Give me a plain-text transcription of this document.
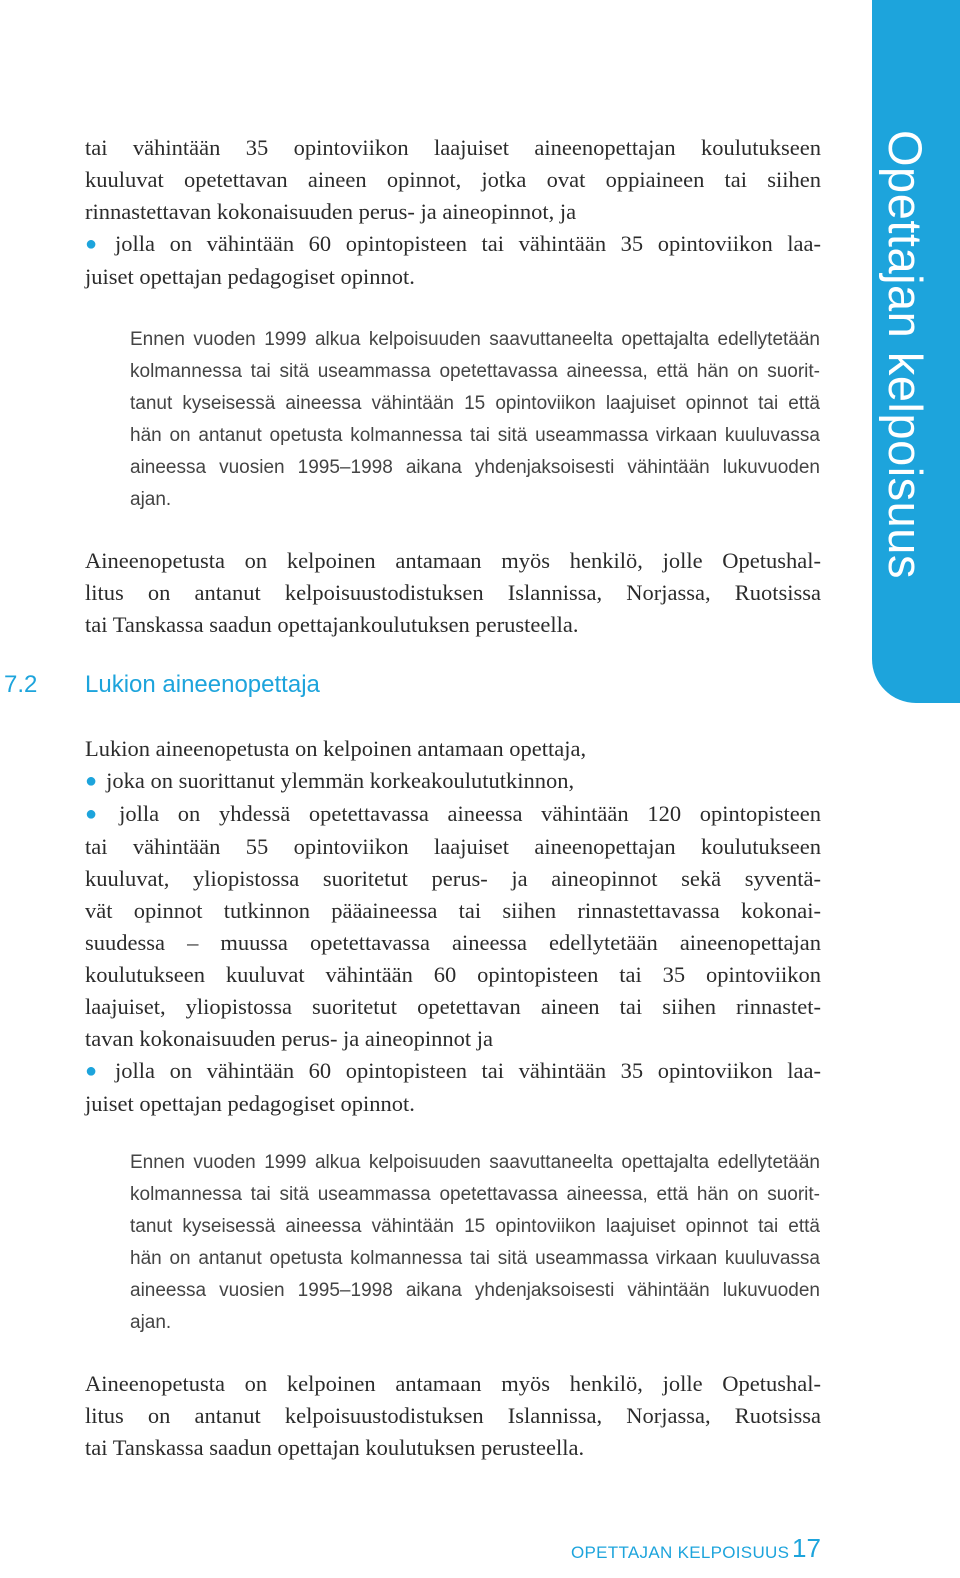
Opettajan kelpoisuus
tai vähintään 35 opintoviikon laajuiset aineenopettajan koulutukseen
kuuluvat opetettavan aineen opinnot, jotka ovat oppiaineen tai siihen
rinnastettavan kokonaisuuden perus- ja aineopinnot, ja
● jolla on vähintään 60 opintopisteen tai vähintään 35 opintoviikon laa-
juiset opettajan pedagogiset opinnot.
Ennen vuoden 1999 alkua kelpoisuuden saavuttaneelta opettajalta edellytetään
kolmannessa tai sitä useammassa opetettavassa aineessa, että hän on suorit-
tanut kyseisessä aineessa vähintään 15 opintoviikon laajuiset opinnot tai että
hän on antanut opetusta kolmannessa tai sitä useammassa virkaan kuuluvassa
aineessa vuosien 1995–1998 aikana yhdenjaksoisesti vähintään lukuvuoden
ajan.
Aineenopetusta on kelpoinen antamaan myös henkilö, jolle Opetushal-
litus on antanut kelpoisuustodistuksen Islannissa, Norjassa, Ruotsissa
tai Tanskassa saadun opettajankoulutuksen perusteella.
7.2 Lukion aineenopettaja
Lukion aineenopetusta on kelpoinen antamaan opettaja,
● joka on suorittanut ylemmän korkeakoulututkinnon,
● jolla on yhdessä opetettavassa aineessa vähintään 120 opintopisteen
tai vähintään 55 opintoviikon laajuiset aineenopettajan koulutukseen
kuuluvat, yliopistossa suoritetut perus- ja aineopinnot sekä syventä-
vät opinnot tutkinnon pääaineessa tai siihen rinnastettavassa kokonai-
suudessa – muussa opetettavassa aineessa edellytetään aineenopettajan
koulutukseen kuuluvat vähintään 60 opintopisteen tai 35 opintoviikon
laajuiset, yliopistossa suoritetut opetettavan aineen tai siihen rinnastet-
tavan kokonaisuuden perus- ja aineopinnot ja
● jolla on vähintään 60 opintopisteen tai vähintään 35 opintoviikon laa-
juiset opettajan pedagogiset opinnot.
Ennen vuoden 1999 alkua kelpoisuuden saavuttaneelta opettajalta edellytetään
kolmannessa tai sitä useammassa opetettavassa aineessa, että hän on suorit-
tanut kyseisessä aineessa vähintään 15 opintoviikon laajuiset opinnot tai että
hän on antanut opetusta kolmannessa tai sitä useammassa virkaan kuuluvassa
aineessa vuosien 1995–1998 aikana yhdenjaksoisesti vähintään lukuvuoden
ajan.
Aineenopetusta on kelpoinen antamaan myös henkilö, jolle Opetushal-
litus on antanut kelpoisuustodistuksen Islannissa, Norjassa, Ruotsissa
tai Tanskassa saadun opettajan koulutuksen perusteella.
OPETTAJAN KELPOISUUS 17
